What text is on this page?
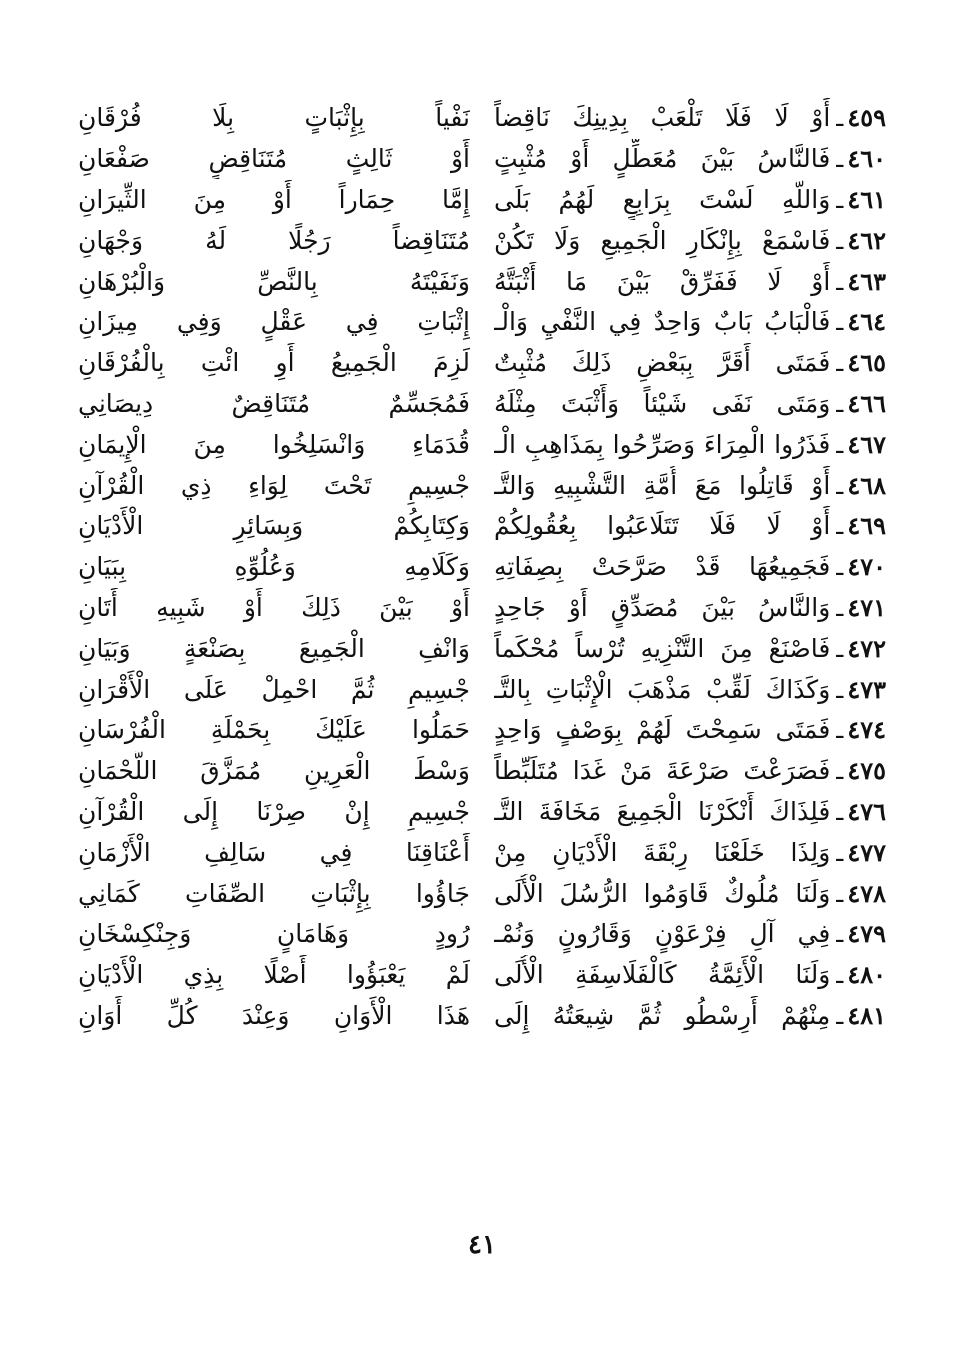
٤٥٩
ـ
أَوْ لَا فَلَا تَلْعَبْ بِدِينِكَ نَاقِضاً
نَفْياً بِإِثْبَاتٍ بِلَا فُرْقَانِ
٤٦٠
ـ
فَالنَّاسُ بَيْنَ مُعَطِّلٍ أَوْ مُثْبِتٍ
أَوْ ثَالِثٍ مُتَنَاقِضٍ صَفْعَانِ
٤٦١
ـ
وَاللَّهِ لَسْتَ بِرَابِعٍ لَهُمُ بَلَى
إِمَّا حِمَاراً أَوْ مِنَ الثِّيرَانِ
٤٦٢
ـ
فَاسْمَعْ بِإِنْكَارِ الْجَمِيعِ وَلَا تَكُنْ
مُتَنَاقِضاً رَجُلًا لَهُ وَجْهَانِ
٤٦٣
ـ
أَوْ لَا فَفَرِّقْ بَيْنَ مَا أَثْبَتَّهُ
وَنَفَيْتَهُ بِالنَّصِّ وَالْبُرْهَانِ
٤٦٤
ـ
فَالْبَابُ بَابٌ وَاحِدٌ فِي النَّفْيِ وَالْـ
إِثْبَاتِ فِي عَقْلٍ وَفِي مِيزَانِ
٤٦٥
ـ
فَمَتَى أَقَرَّ بِبَعْضِ ذَلِكَ مُثْبِتٌ
لَزِمَ الْجَمِيعُ أَوِ ائْتِ بِالْفُرْقَانِ
٤٦٦
ـ
وَمَتَى نَفَى شَيْئاً وَأَثْبَتَ مِثْلَهُ
فَمُجَسِّمٌ مُتَنَاقِضٌ دِيصَانِي
٤٦٧
ـ
فَذَرُوا الْمِرَاءَ وَصَرِّحُوا بِمَذَاهِبِ الْـ
قُدَمَاءِ وَانْسَلِخُوا مِنَ الْإِيمَانِ
٤٦٨
ـ
أَوْ قَاتِلُوا مَعَ أُمَّةِ التَّشْبِيهِ وَالتَّـ
جْسِيمِ تَحْتَ لِوَاءِ ذِي الْقُرْآنِ
٤٦٩
ـ
أَوْ لَا فَلَا تَتَلَاعَبُوا بِعُقُولِكُمْ
وَكِتَابِكُمْ وَبِسَائِرِ الْأَدْيَانِ
٤٧٠
ـ
فَجَمِيعُهَا قَدْ صَرَّحَتْ بِصِفَاتِهِ
وَكَلَامِهِ وَعُلُوِّهِ بِبَيَانِ
٤٧١
ـ
وَالنَّاسُ بَيْنَ مُصَدِّقٍ أَوْ جَاحِدٍ
أَوْ بَيْنَ ذَلِكَ أَوْ شَبِيهِ أَتَانِ
٤٧٢
ـ
فَاصْنَعْ مِنَ التَّنْزِيهِ تُرْساً مُحْكَماً
وَانْفِ الْجَمِيعَ بِصَنْعَةٍ وَبَيَانِ
٤٧٣
ـ
وَكَذَاكَ لَقِّبْ مَذْهَبَ الْإِثْبَاتِ بِالتَّـ
جْسِيمِ ثُمَّ احْمِلْ عَلَى الْأَقْرَانِ
٤٧٤
ـ
فَمَتَى سَمِحْتَ لَهُمْ بِوَصْفٍ وَاحِدٍ
حَمَلُوا عَلَيْكَ بِحَمْلَةِ الْفُرْسَانِ
٤٧٥
ـ
فَصَرَعْتَ صَرْعَةَ مَنْ غَدَا مُتَلَبِّطاً
وَسْطَ الْعَرِينِ مُمَزَّقَ اللُّحْمَانِ
٤٧٦
ـ
فَلِذَاكَ أَنْكَرْنَا الْجَمِيعَ مَخَافَةَ التَّـ
جْسِيمِ إِنْ صِرْنَا إِلَى الْقُرْآنِ
٤٧٧
ـ
وَلِذَا خَلَعْنَا رِبْقَةَ الْأَدْيَانِ مِنْ
أَعْنَاقِنَا فِي سَالِفِ الْأَزْمَانِ
٤٧٨
ـ
وَلَنَا مُلُوكٌ قَاوَمُوا الرُّسُلَ الْأُلَى
جَاؤُوا بِإِثْبَاتِ الصِّفَاتِ كَمَانِي
٤٧٩
ـ
فِي آلِ فِرْعَوْنٍ وَقَارُونٍ وَنُمْـ
رُودٍ وَهَامَانٍ وَجِنْكِسْخَانِ
٤٨٠
ـ
وَلَنَا الْأَئِمَّةُ كَالْفَلَاسِفَةِ الْأُلَى
لَمْ يَعْبَؤُوا أَصْلًا بِذِي الْأَدْيَانِ
٤٨١
ـ
مِنْهُمْ أَرِسْطُو ثُمَّ شِيعَتُهُ إِلَى
هَذَا الْأَوَانِ وَعِنْدَ كُلِّ أَوَانِ
٤١
